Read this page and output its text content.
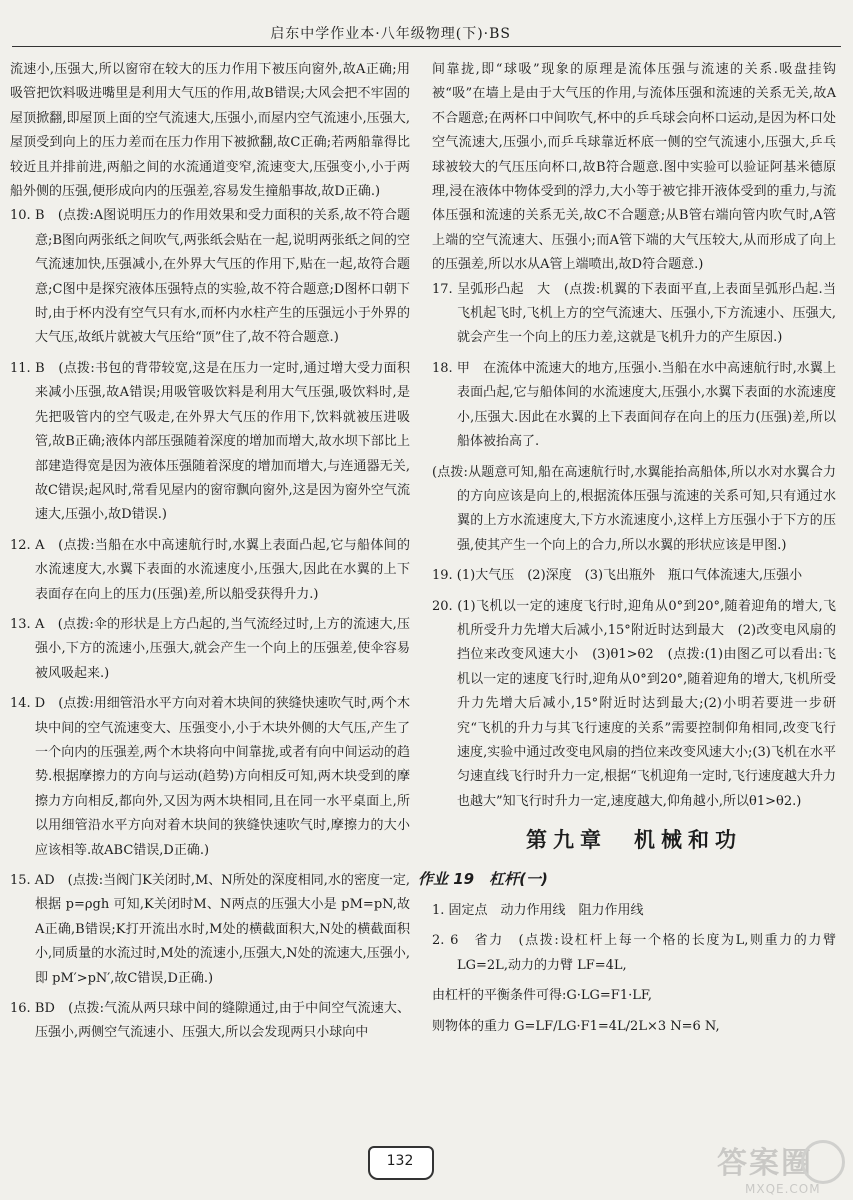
启东中学作业本·八年级物理(下)·BS

流速小,压强大,所以窗帘在较大的压力作用下被压向窗外,故A正确;用吸管把饮料吸进嘴里是利用大气压的作用,故B错误;大风会把不牢固的屋顶掀翻,即屋顶上面的空气流速大,压强小,而屋内空气流速小,压强大,屋顶受到向上的压力差而在压力作用下被掀翻,故C正确;若两船靠得比较近且并排前进,两船之间的水流通道变窄,流速变大,压强变小,小于两船外侧的压强,便形成向内的压强差,容易发生撞船事故,故D正确.)

10. B　(点拨:A图说明压力的作用效果和受力面积的关系,故不符合题意;B图向两张纸之间吹气,两张纸会贴在一起,说明两张纸之间的空气流速加快,压强减小,在外界大气压的作用下,贴在一起,故符合题意;C图中是探究液体压强特点的实验,故不符合题意;D图杯口朝下时,由于杯内没有空气只有水,而杯内水柱产生的压强远小于外界的大气压,故纸片就被大气压给“顶”住了,故不符合题意.)

11. B　(点拨:书包的背带较宽,这是在压力一定时,通过增大受力面积来减小压强,故A错误;用吸管吸饮料是利用大气压强,吸饮料时,是先把吸管内的空气吸走,在外界大气压的作用下,饮料就被压进吸管,故B正确;液体内部压强随着深度的增加而增大,故水坝下部比上部建造得宽是因为液体压强随着深度的增加而增大,与连通器无关,故C错误;起风时,常看见屋内的窗帘飘向窗外,这是因为窗外空气流速大,压强小,故D错误.)

12. A　(点拨:当船在水中高速航行时,水翼上表面凸起,它与船体间的水流速度大,水翼下表面的水流速度小,压强大,因此在水翼的上下表面存在向上的压力(压强)差,所以船受获得升力.)

13. A　(点拨:伞的形状是上方凸起的,当气流经过时,上方的流速大,压强小,下方的流速小,压强大,就会产生一个向上的压强差,使伞容易被风吸起来.)

14. D　(点拨:用细管沿水平方向对着木块间的狭缝快速吹气时,两个木块中间的空气流速变大、压强变小,小于木块外侧的大气压,产生了一个向内的压强差,两个木块将向中间靠拢,或者有向中间运动的趋势.根据摩擦力的方向与运动(趋势)方向相反可知,两木块受到的摩擦力方向相反,都向外,又因为两木块相同,且在同一水平桌面上,所以用细管沿水平方向对着木块间的狭缝快速吹气时,摩擦力的大小应该相等.故ABC错误,D正确.)

15. AD　(点拨:当阀门K关闭时,M、N所处的深度相同,水的密度一定,根据 p=ρgh 可知,K关闭时M、N两点的压强大小是 pM=pN,故A正确,B错误;K打开流出水时,M处的横截面积大,N处的横截面积小,同质量的水流过时,M处的流速小,压强大,N处的流速大,压强小,即 pM′>pN′,故C错误,D正确.)

16. BD　(点拨:气流从两只球中间的缝隙通过,由于中间空气流速大、压强小,两侧空气流速小、压强大,所以会发现两只小球向中

间靠拢,即“球吸”现象的原理是流体压强与流速的关系.吸盘挂钩被“吸”在墙上是由于大气压的作用,与流体压强和流速的关系无关,故A不合题意;在两杯口中间吹气,杯中的乒乓球会向杯口运动,是因为杯口处空气流速大,压强小,而乒乓球靠近杯底一侧的空气流速小,压强大,乒乓球被较大的气压压向杯口,故B符合题意.图中实验可以验证阿基米德原理,浸在液体中物体受到的浮力,大小等于被它排开液体受到的重力,与流体压强和流速的关系无关,故C不合题意;从B管右端向管内吹气时,A管上端的空气流速大、压强小;而A管下端的大气压较大,从而形成了向上的压强差,所以水从A管上端喷出,故D符合题意.)

17. 呈弧形凸起　大　(点拨:机翼的下表面平直,上表面呈弧形凸起.当飞机起飞时,飞机上方的空气流速大、压强小,下方流速小、压强大,就会产生一个向上的压力差,这就是飞机升力的产生原因.)

18. 甲　在流体中流速大的地方,压强小.当船在水中高速航行时,水翼上表面凸起,它与船体间的水流速度大,压强小,水翼下表面的水流速度小,压强大.因此在水翼的上下表面间存在向上的压力(压强)差,所以船体被抬高了.

(点拨:从题意可知,船在高速航行时,水翼能抬高船体,所以水对水翼合力的方向应该是向上的,根据流体压强与流速的关系可知,只有通过水翼的上方水流速度大,下方水流速度小,这样上方压强小于下方的压强,使其产生一个向上的合力,所以水翼的形状应该是甲图.)

19. (1)大气压　(2)深度　(3)飞出瓶外　瓶口气体流速大,压强小

20. (1)飞机以一定的速度飞行时,迎角从0°到20°,随着迎角的增大,飞机所受升力先增大后减小,15°附近时达到最大　(2)改变电风扇的挡位来改变风速大小　(3)θ1>θ2　(点拨:(1)由图乙可以看出:飞机以一定的速度飞行时,迎角从0°到20°,随着迎角的增大,飞机所受升力先增大后减小,15°附近时达到最大;(2)小明若要进一步研究“飞机的升力与其飞行速度的关系”需要控制仰角相同,改变飞行速度,实验中通过改变电风扇的挡位来改变风速大小;(3)飞机在水平匀速直线飞行时升力一定,根据“飞机迎角一定时,飞行速度越大升力也越大”知飞行时升力一定,速度越大,仰角越小,所以θ1>θ2.)

第九章　机械和功
作业 19　杠杆(一)

1. 固定点　动力作用线　阻力作用线

2. 6　省力　(点拨:设杠杆上每一个格的长度为L,则重力的力臂 LG=2L,动力的力臂 LF=4L,

由杠杆的平衡条件可得:G·LG=F1·LF,

则物体的重力 G=LF/LG·F1=4L/2L×3 N=6 N,

132	答案圈
MXQE.COM
